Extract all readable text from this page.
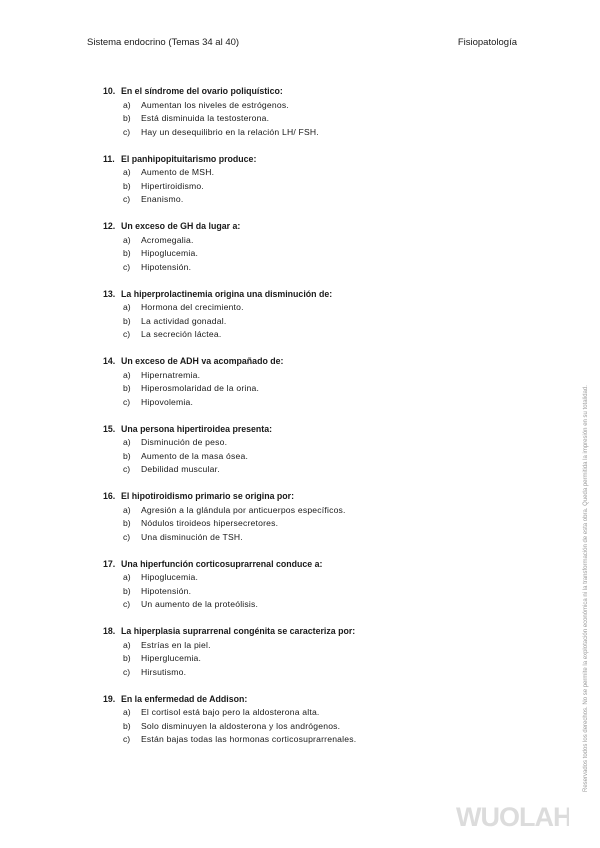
Sistema endocrino (Temas 34 al 40)	Fisiopatología
10. En el síndrome del ovario poliquístico:
a) Aumentan los niveles de estrógenos.
b) Está disminuida la testosterona.
c) Hay un desequilibrio en la relación LH/ FSH.
11. El panhipopituitarismo produce:
a) Aumento de MSH.
b) Hipertiroidismo.
c) Enanismo.
12. Un exceso de GH da lugar a:
a) Acromegalia.
b) Hipoglucemia.
c) Hipotensión.
13. La hiperprolactinemia origina una disminución de:
a) Hormona del crecimiento.
b) La actividad gonadal.
c) La secreción láctea.
14. Un exceso de ADH va acompañado de:
a) Hipernatremia.
b) Hiperosmolaridad de la orina.
c) Hipovolemia.
15. Una persona hipertiroidea presenta:
a) Disminución de peso.
b) Aumento de la masa ósea.
c) Debilidad muscular.
16. El hipotiroidismo primario se origina por:
a) Agresión a la glándula por anticuerpos específicos.
b) Nódulos tiroideos hipersecretores.
c) Una disminución de TSH.
17. Una hiperfunción corticosuprarrenal conduce a:
a) Hipoglucemia.
b) Hipotensión.
c) Un aumento de la proteólisis.
18. La hiperplasia suprarrenal congénita se caracteriza por:
a) Estrías en la piel.
b) Hiperglucemia.
c) Hirsutismo.
19. En la enfermedad de Addison:
a) El cortisol está bajo pero la aldosterona alta.
b) Solo disminuyen la aldosterona y los andrógenos.
c) Están bajas todas las hormonas corticosuprarrenales.	Reservados todos los derechos. No se permite la explotación económica ni la transformación de esta obra. Queda permitida la impresión en su totalidad.
WUOLAH
